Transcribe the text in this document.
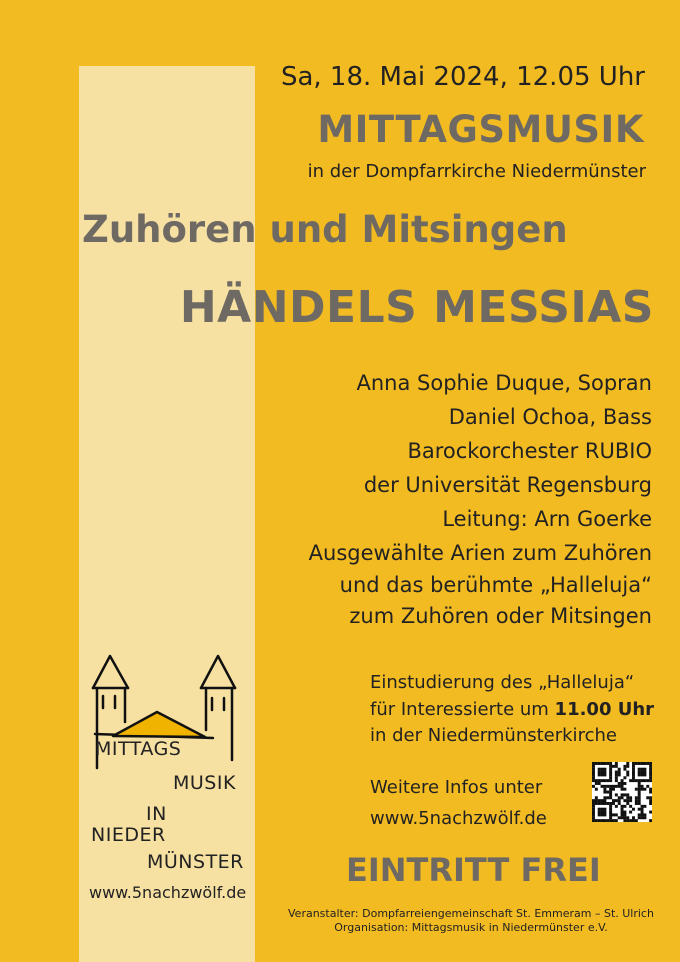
Sa, 18. Mai 2024, 12.05 Uhr
MITTAGSMUSIK
in der Dompfarrkirche Niedermünster
Zuhören und Mitsingen
HÄNDELS MESSIAS
Anna Sophie Duque, Sopran
Daniel Ochoa, Bass
Barockorchester RUBIO
der Universität Regensburg
Leitung: Arn Goerke
Ausgewählte Arien zum Zuhören
und das berühmte „Halleluja“
zum Zuhören oder Mitsingen
Einstudierung des „Halleluja“
für Interessierte um 11.00 Uhr
in der Niedermünsterkirche
Weitere Infos unter
www.5nachzwölf.de
EINTRITT FREI
Veranstalter: Dompfarreiengemeinschaft St. Emmeram – St. Ulrich
Organisation: Mittagsmusik in Niedermünster e.V.
MITTAGS
MUSIK
IN
NIEDER
MÜNSTER
www.5nachzwölf.de
